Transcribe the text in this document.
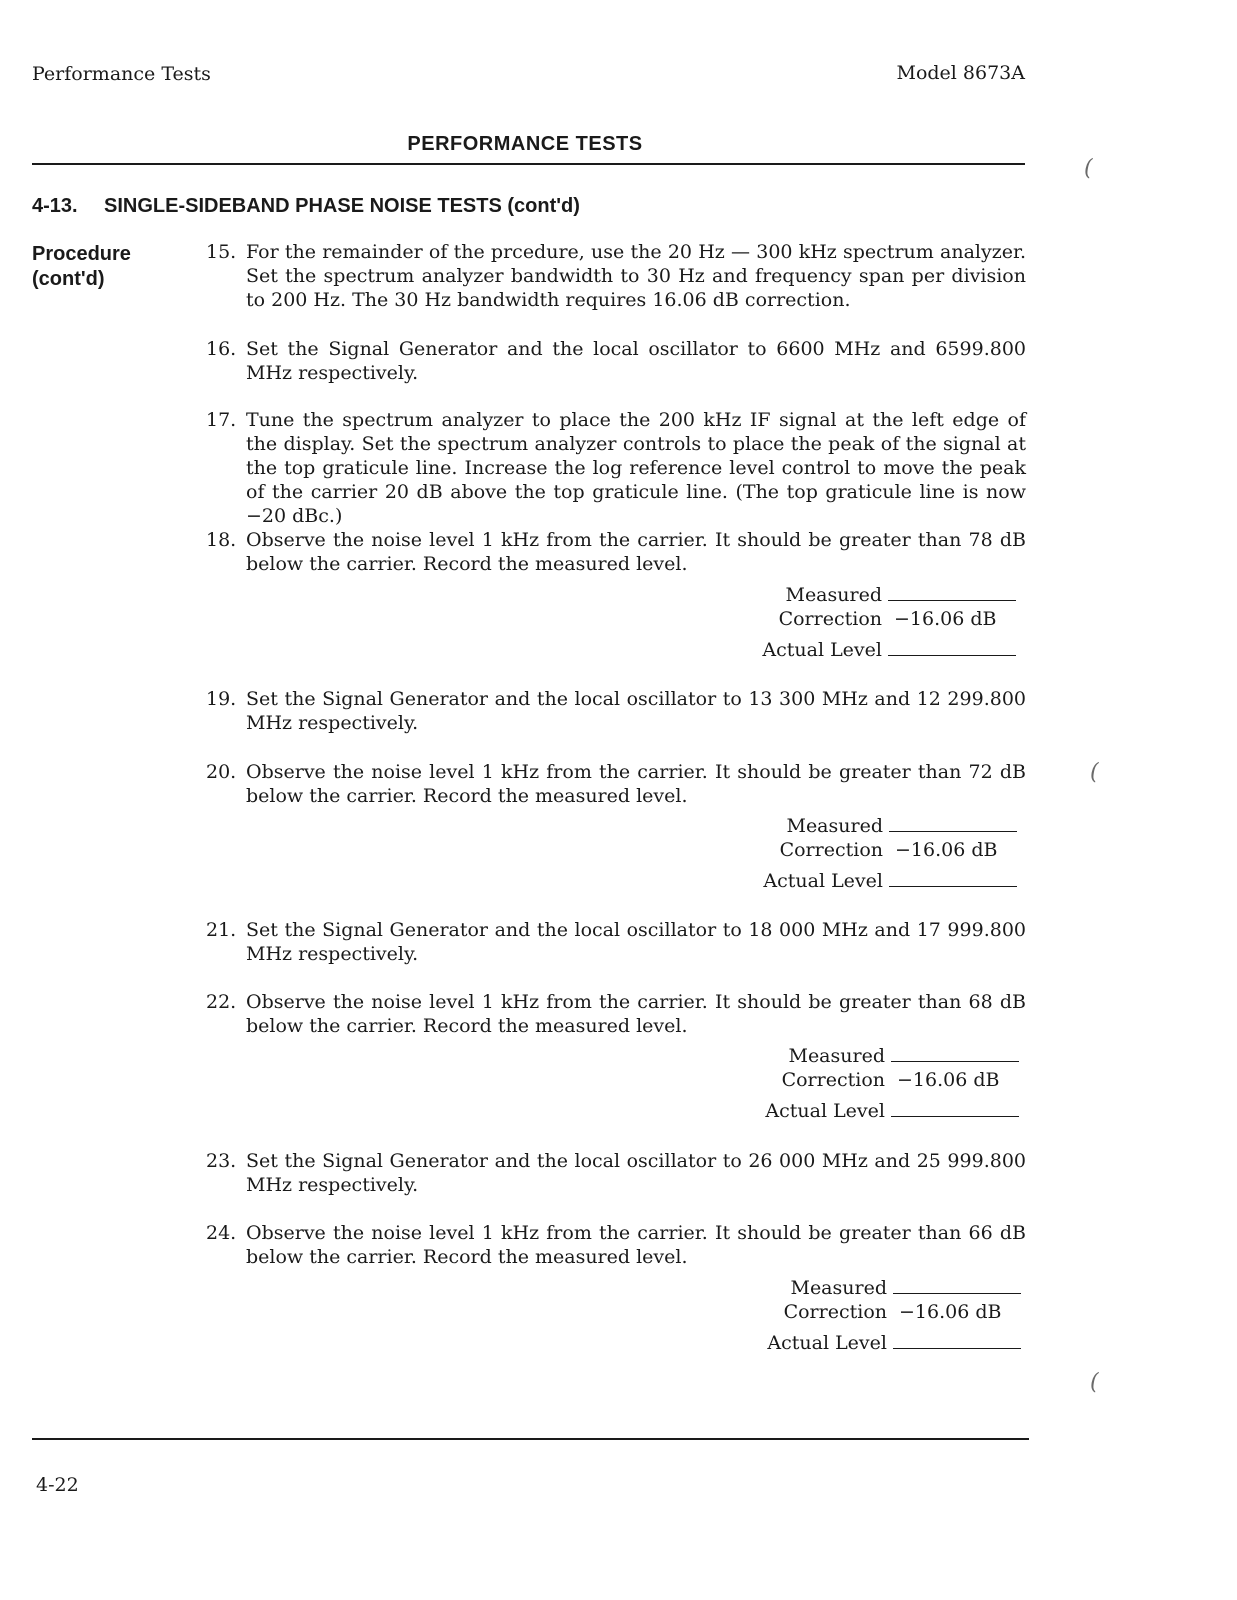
Performance Tests	Model 8673A
PERFORMANCE TESTS
4-13. SINGLE-SIDEBAND PHASE NOISE TESTS (cont'd)
Procedure
(cont'd)
15. For the remainder of the prcedure, use the 20 Hz — 300 kHz spectrum analyzer. Set the spectrum analyzer bandwidth to 30 Hz and frequency span per division to 200 Hz. The 30 Hz bandwidth requires 16.06 dB correction.
16. Set the Signal Generator and the local oscillator to 6600 MHz and 6599.800 MHz respectively.
17. Tune the spectrum analyzer to place the 200 kHz IF signal at the left edge of the display. Set the spectrum analyzer controls to place the peak of the signal at the top graticule line. Increase the log reference level control to move the peak of the carrier 20 dB above the top graticule line. (The top graticule line is now −20 dBc.)
18. Observe the noise level 1 kHz from the carrier. It should be greater than 78 dB below the carrier. Record the measured level.
Measured
Correction −16.06 dB
Actual Level
19. Set the Signal Generator and the local oscillator to 13 300 MHz and 12 299.800 MHz respectively.
20. Observe the noise level 1 kHz from the carrier. It should be greater than 72 dB below the carrier. Record the measured level.
Measured
Correction −16.06 dB
Actual Level
21. Set the Signal Generator and the local oscillator to 18 000 MHz and 17 999.800 MHz respectively.
22. Observe the noise level 1 kHz from the carrier. It should be greater than 68 dB below the carrier. Record the measured level.
Measured
Correction −16.06 dB
Actual Level
23. Set the Signal Generator and the local oscillator to 26 000 MHz and 25 999.800 MHz respectively.
24. Observe the noise level 1 kHz from the carrier. It should be greater than 66 dB below the carrier. Record the measured level.
Measured
Correction −16.06 dB
Actual Level
4-22
(
(
(
